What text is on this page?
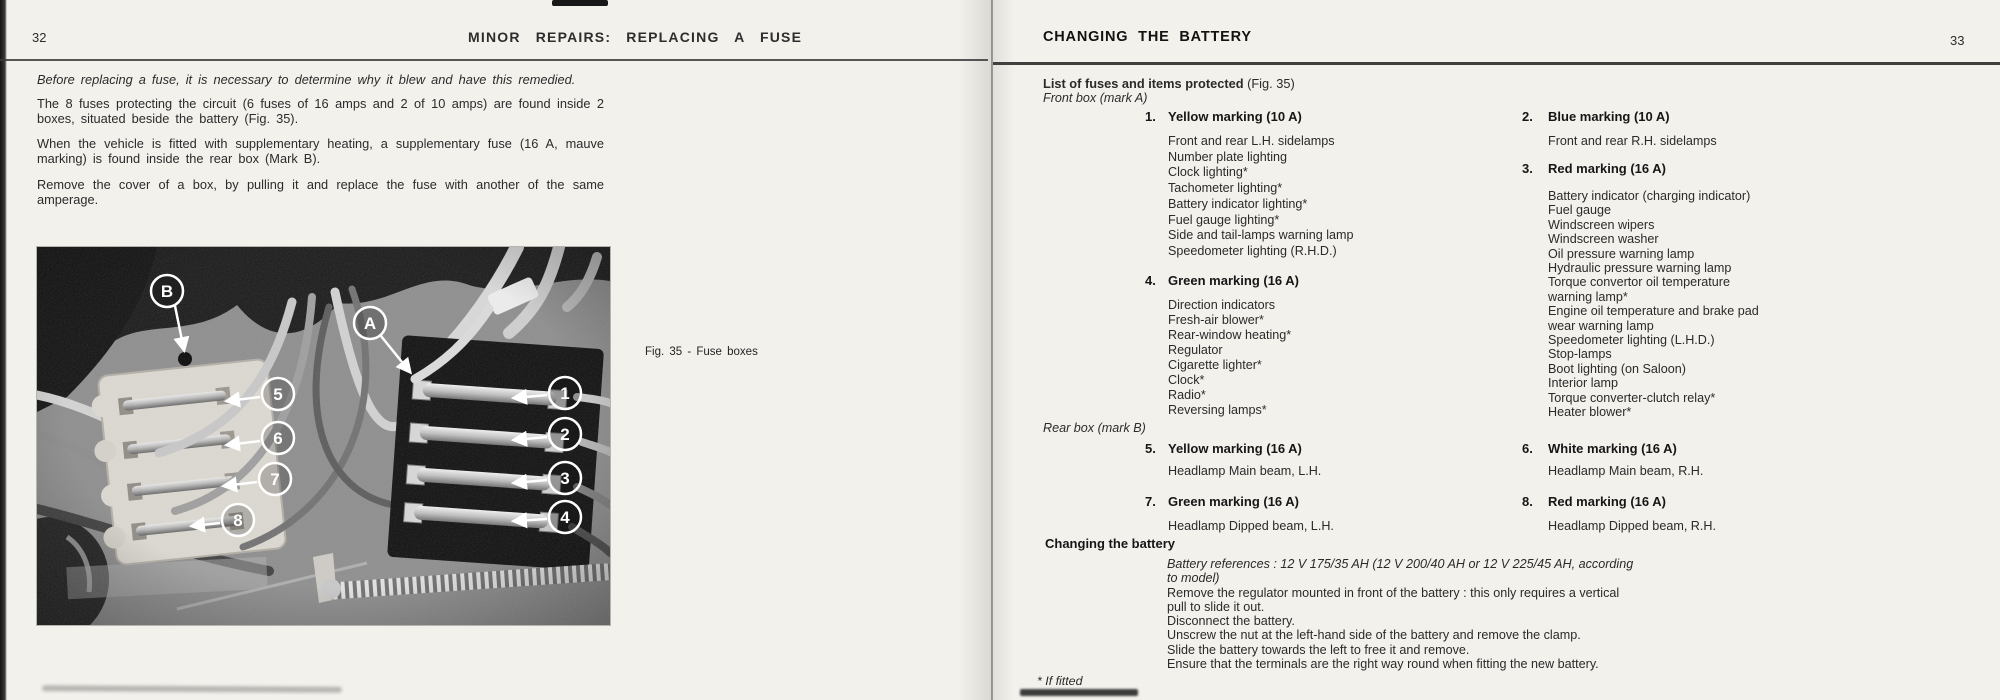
32	MINOR REPAIRS: REPLACING A FUSE
Before replacing a fuse, it is necessary to determine why it blew and have this remedied.
The 8 fuses protecting the circuit (6 fuses of 16 amps and 2 of 10 amps) are found inside 2 boxes, situated beside the battery (Fig. 35).
When the vehicle is fitted with supplementary heating, a supplementary fuse (16 A, mauve marking) is found inside the rear box (Mark B).
Remove the cover of a box, by pulling it and replace the fuse with another of the same amperage.
B
A
5
6
7
8
1
2
3
4
Fig. 35 - Fuse boxes
CHANGING THE BATTERY	33
List of fuses and items protected (Fig. 35)
Front box (mark A)
1. Yellow marking (10 A)
Front and rear L.H. sidelamps
Number plate lighting
Clock lighting*
Tachometer lighting*
Battery indicator lighting*
Fuel gauge lighting*
Side and tail-lamps warning lamp
Speedometer lighting (R.H.D.)
2.	Blue marking (10 A)
Front and rear R.H. sidelamps
3.	Red marking (16 A)
Battery indicator (charging indicator)
Fuel gauge
Windscreen wipers
Windscreen washer
Oil pressure warning lamp
Hydraulic pressure warning lamp
Torque convertor oil temperature
warning lamp*
Engine oil temperature and brake pad
wear warning lamp
Speedometer lighting (L.H.D.)
Stop-lamps
Boot lighting (on Saloon)
Interior lamp
Torque converter-clutch relay*
Heater blower*
4. Green marking (16 A)
Direction indicators
Fresh-air blower*
Rear-window heating*
Regulator
Cigarette lighter*
Clock*
Radio*
Reversing lamps*
Rear box (mark B)
5. Yellow marking (16 A)
Headlamp Main beam, L.H.
6.	White marking (16 A)
Headlamp Main beam, R.H.
7. Green marking (16 A)
Headlamp Dipped beam, L.H.
8.	Red marking (16 A)
Headlamp Dipped beam, R.H.
Changing the battery
Battery references : 12 V 175/35 AH (12 V 200/40 AH or 12 V 225/45 AH, according
to model)
Remove the regulator mounted in front of the battery : this only requires a vertical
pull to slide it out.
Disconnect the battery.
Unscrew the nut at the left-hand side of the battery and remove the clamp.
Slide the battery towards the left to free it and remove.
Ensure that the terminals are the right way round when fitting the new battery.
* If fitted
